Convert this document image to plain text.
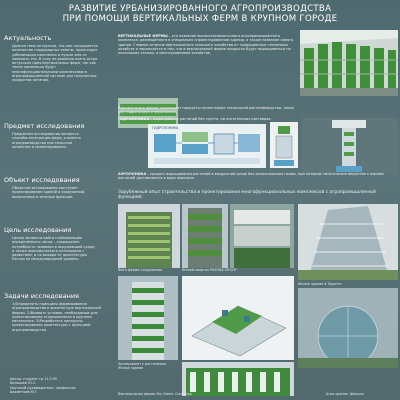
РАЗВИТИЕ УРБАНИЗИРОВАННОГО АГРОПРОИЗВОДСТВА
ПРИ ПОМОЩИ ВЕРТИКАЛЬНЫХ ФЕРМ В КРУПНОМ ГОРОДЕ

Актуальность

Данная тема актуальна, так как сокращается количество плодородных земель, происходит урбанизация населения и нужно чем-то заменить это. В силу ее решения очень остро актуальна идея вертикальных ферм, так как такие комплексы будут многофункциональными комплексами в агропромышленной системе для полученных продуктов питания.

Предмет исследования

Предметом исследования являются способы интеграции ферм, а именно агропроизводство при сельском хозяйстве и проектирования.

Объект исследования

Объектом исследования выступает проектирование зданий и сооружений, включенных в зеленые функции.

Цель исследования

Целью является найти стабилизацию определённого числа... сокращенно потребность человека в окружающей среде, а также экономического потенциала с развитием, и на выходе от архитектуры России на международный уровень.

Задачи исследования

1)Определить принципы формирования агропроизводства в архитектуре вертикальной фермы. 2)Выявить условия, необходимые для проектирования агрокомплекса в крупном мегаполисе. 3)Разработать принципы проектирования архитектуры с функцией агропроизводства.

Автор: студент гр.117-09
Белышев Ю.С.
Научный руководитель: профессор
Бахметьев М.Г.
ВЕРТИКАЛЬНЫЕ ФЕРМЫ – это название высокотехнологичного агропромышленного комплекса, размещённого в специально спроектированном здании, а также название самого здания. Главное отличие вертикального сельского хозяйства от традиционных тепличных хозяйств и заключается в том, что в вертикальной ферме продукты будут выращиваться на нескольких этажах, в многоуровневом хозяйстве.
Вертикальные фермы производят продукты путем новых технологий растениеводства, таких как гидропоника и аэропоника.
ГИДРОПОНИКА – выращивание растений без грунта, на питательных растворах.
ГИДРОПОНИКА
АЭРОПОНИКА – процесс выращивания растений в воздушной среде без использования почвы, при котором питательные вещества к корням растений доставляются в виде аэрозоля.
Зарубежный опыт строительства и проектирования многофункциональных комплексов с агропромышленной функцией:
Фото фермы сооружения	Жилой квартал PASONA GROUP
Жилое здание в Торонто
Эксперимент с растениями. Жилое здание
Вертикальная ферма Sky Green. Сингапур	Агро-здание. Швеция
